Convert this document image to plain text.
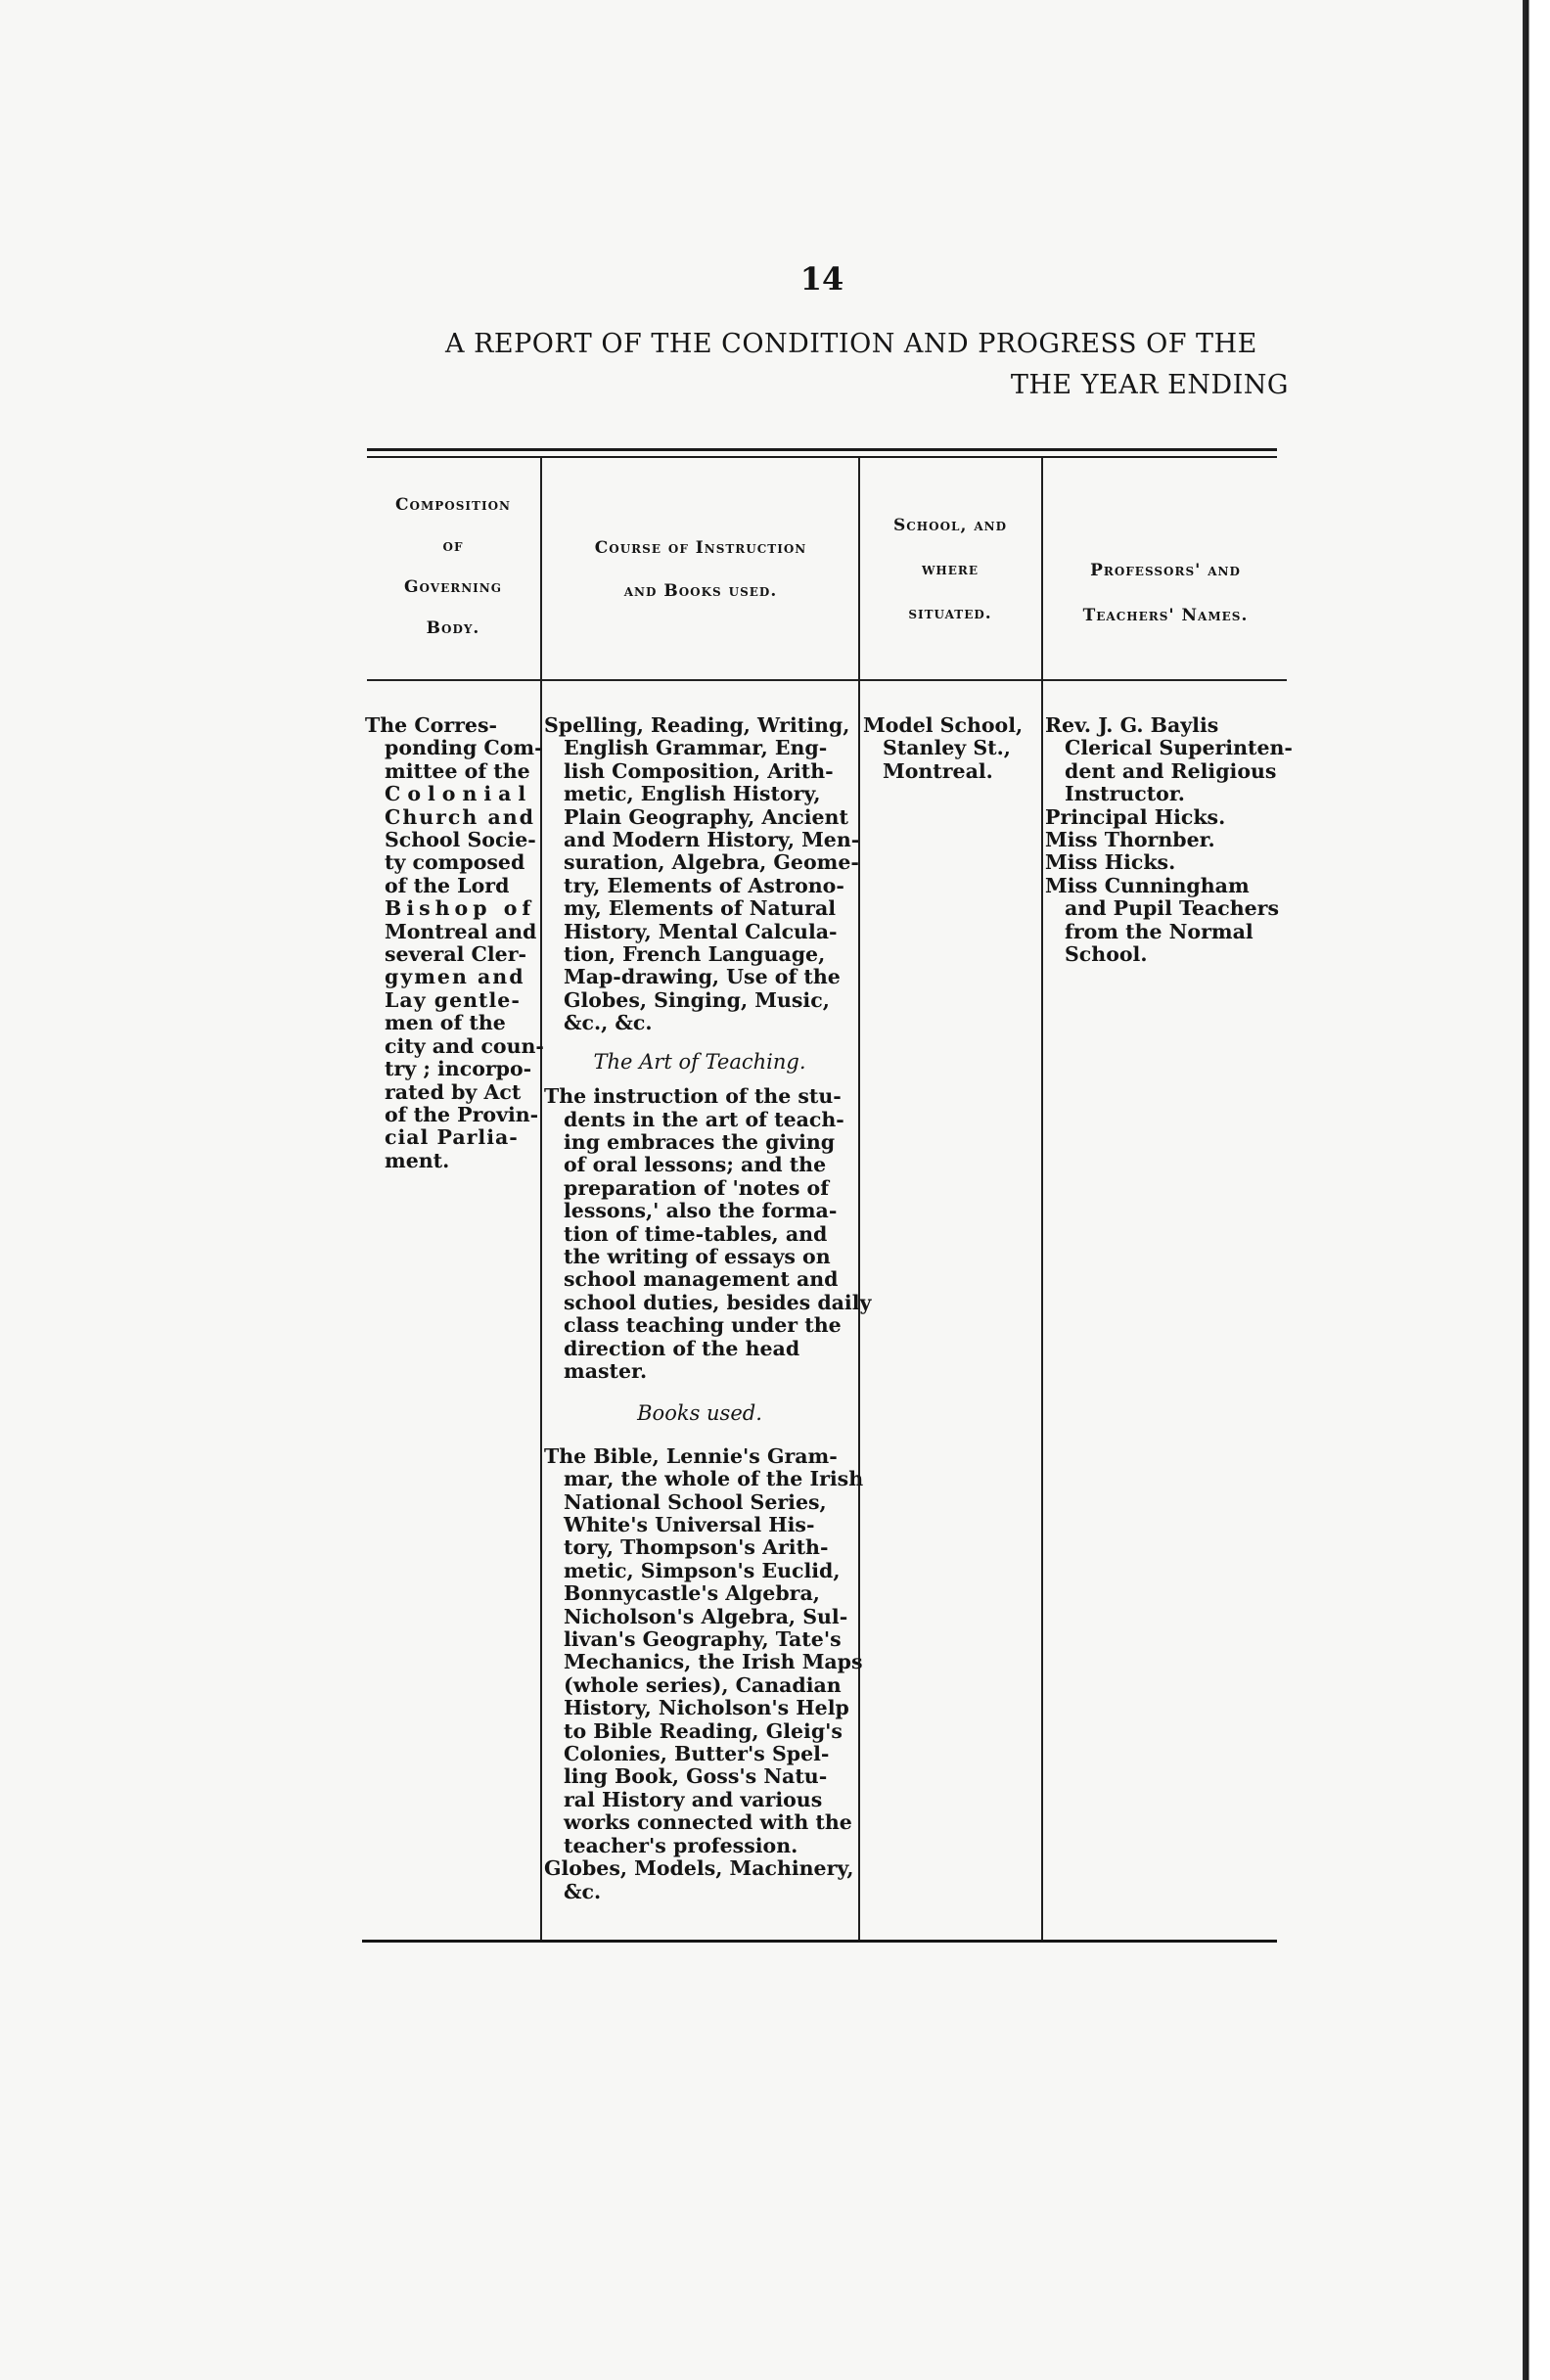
14
A REPORT OF THE CONDITION AND PROGRESS OF THE
THE YEAR ENDING
Composition
of
Governing
Body.
Course of Instruction
and Books used.
School, and
where
situated.
Professors' and
Teachers' Names.
The Corres-
ponding Com-
mittee of the
Colonial
Church and
School Socie-
ty composed
of the Lord
Bishop of
Montreal and
several Cler-
gymen and
Lay gentle-
men of the
city and coun-
try ; incorpo-
rated by Act
of the Provin-
cial Parlia-
ment.
Spelling, Reading, Writing,
English Grammar, Eng-
lish Composition, Arith-
metic, English History,
Plain Geography, Ancient
and Modern History, Men-
suration, Algebra, Geome-
try, Elements of Astrono-
my, Elements of Natural
History, Mental Calcula-
tion, French Language,
Map-drawing, Use of the
Globes, Singing, Music,
&c., &c.
The Art of Teaching.
The instruction of the stu-
dents in the art of teach-
ing embraces the giving
of oral lessons; and the
preparation of 'notes of
lessons,' also the forma-
tion of time-tables, and
the writing of essays on
school management and
school duties, besides daily
class teaching under the
direction of the head
master.
Books used.
The Bible, Lennie's Gram-
mar, the whole of the Irish
National School Series,
White's Universal His-
tory, Thompson's Arith-
metic, Simpson's Euclid,
Bonnycastle's Algebra,
Nicholson's Algebra, Sul-
livan's Geography, Tate's
Mechanics, the Irish Maps
(whole series), Canadian
History, Nicholson's Help
to Bible Reading, Gleig's
Colonies, Butter's Spel-
ling Book, Goss's Natu-
ral History and various
works connected with the
teacher's profession.
Globes, Models, Machinery,
&c.
Model School,
Stanley St.,
Montreal.
Rev. J. G. Baylis
Clerical Superinten-
dent and Religious
Instructor.
Principal Hicks.
Miss Thornber.
Miss Hicks.
Miss Cunningham
and Pupil Teachers
from the Normal
School.
